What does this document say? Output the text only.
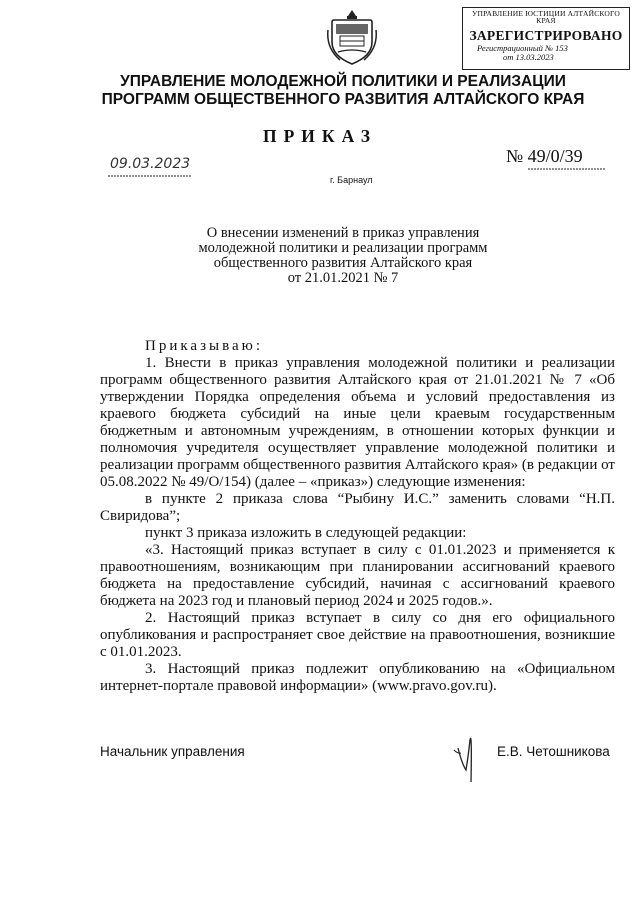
УПРАВЛЕНИЕ ЮСТИЦИИ АЛТАЙСКОГО КРАЯ
ЗАРЕГИСТРИРОВАНО
Регистрационный № 153
от 13.03.2023
УПРАВЛЕНИЕ МОЛОДЕЖНОЙ ПОЛИТИКИ И РЕАЛИЗАЦИИ
ПРОГРАММ ОБЩЕСТВЕННОГО РАЗВИТИЯ АЛТАЙСКОГО КРАЯ
ПРИКАЗ
09.03.2023	№ 49/0/39
г. Барнаул
О внесении изменений в приказ управления
молодежной политики и реализации программ
общественного развития Алтайского края
от 21.01.2021 № 7

Приказываю:

1. Внести в приказ управления молодежной политики и реализации программ общественного развития Алтайского края от 21.01.2021 № 7 «Об утверждении Порядка определения объема и условий предоставления из краевого бюджета субсидий на иные цели краевым государственным бюджетным и автономным учреждениям, в отношении которых функции и полномочия учредителя осуществляет управление молодежной политики и реализации программ общественного развития Алтайского края» (в редакции от 05.08.2022 № 49/О/154) (далее – «приказ») следующие изменения:

в пункте 2 приказа слова “Рыбину И.С.” заменить словами “Н.П. Свиридова”;

пункт 3 приказа изложить в следующей редакции:

«3. Настоящий приказ вступает в силу с 01.01.2023 и применяется к правоотношениям, возникающим при планировании ассигнований краевого бюджета на предоставление субсидий, начиная с ассигнований краевого бюджета на 2023 год и плановый период 2024 и 2025 годов.».

2. Настоящий приказ вступает в силу со дня его официального опубликования и распространяет свое действие на правоотношения, возникшие с 01.01.2023.

3. Настоящий приказ подлежит опубликованию на «Официальном интернет-портале правовой информации» (www.pravo.gov.ru).

Начальник управления	Е.В. Четошникова
